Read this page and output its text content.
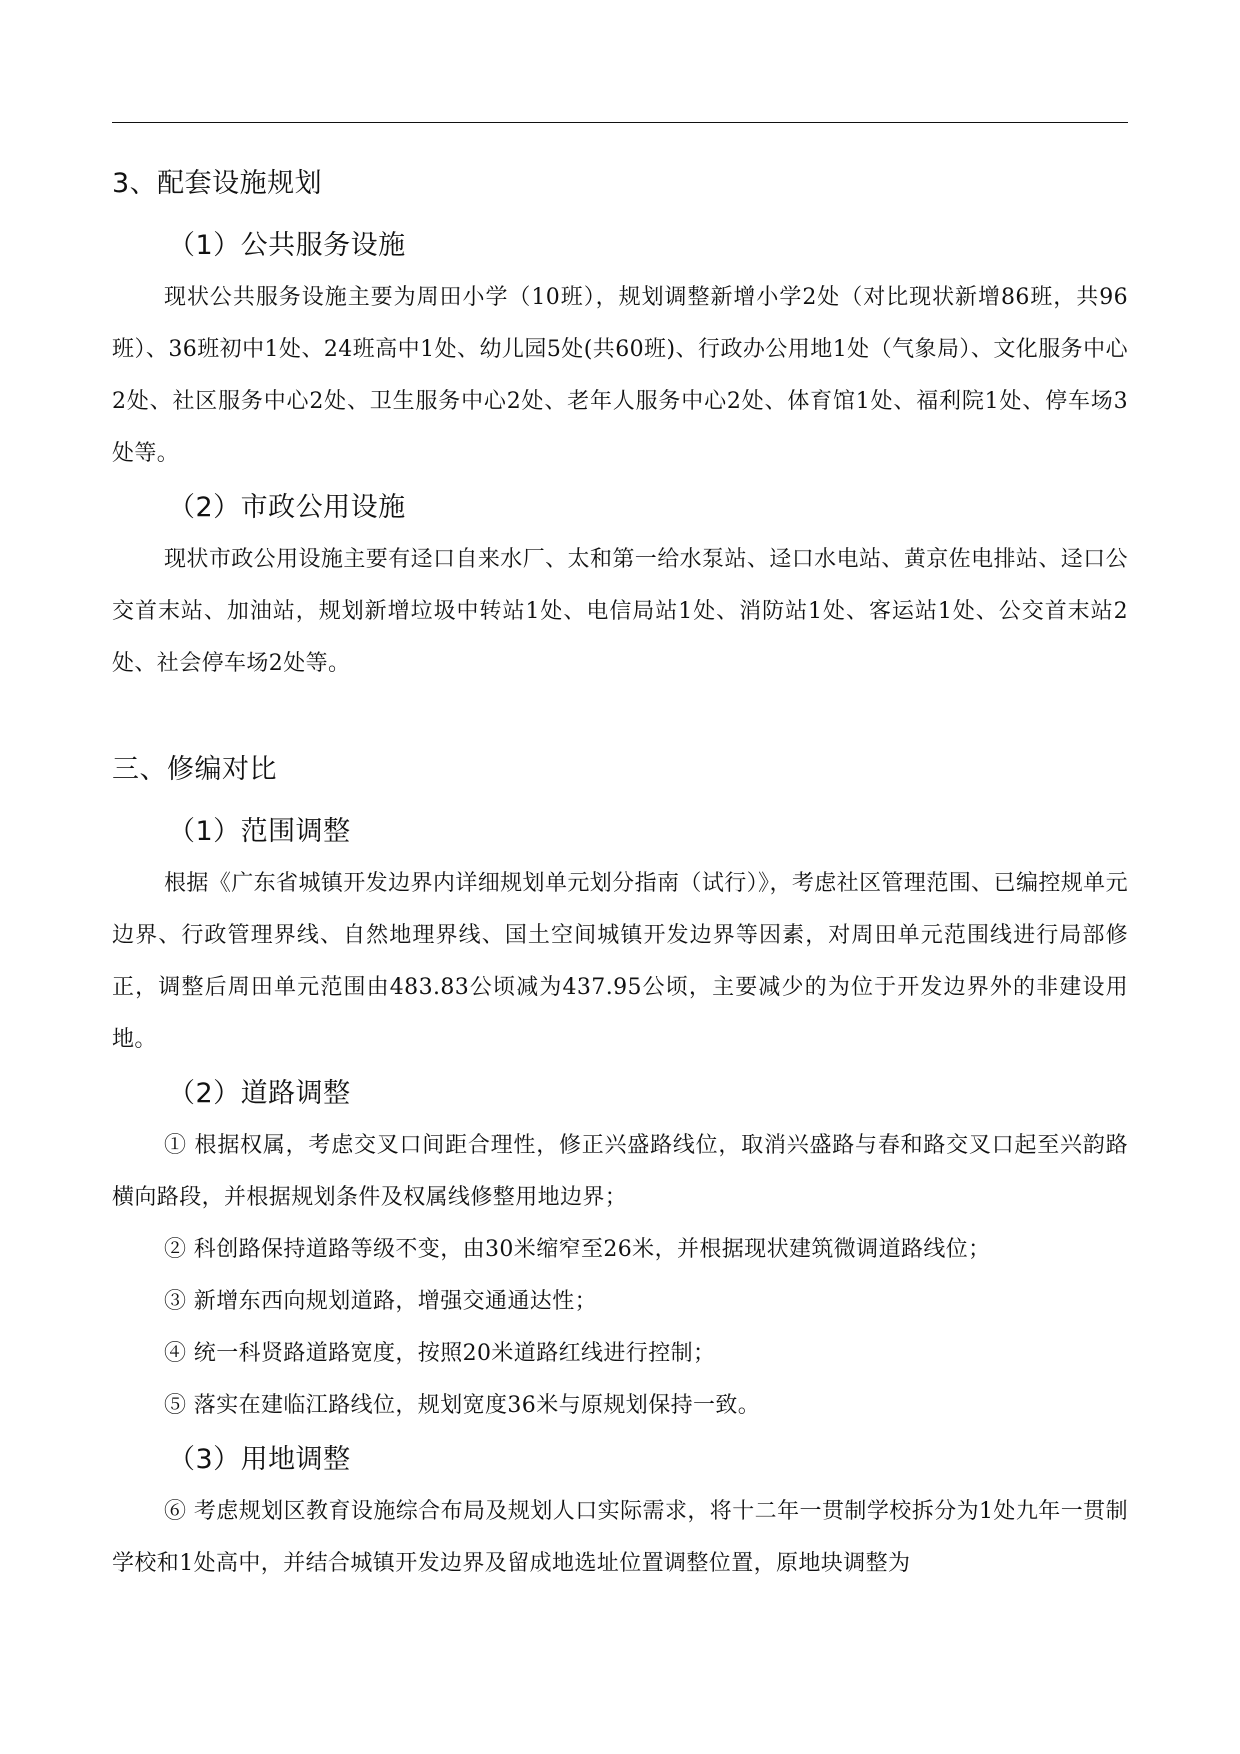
3、配套设施规划
（1）公共服务设施
现状公共服务设施主要为周田小学（10班），规划调整新增小学2处（对比现状新增86班，共96班）、36班初中1处、24班高中1处、幼儿园5处(共60班)、行政办公用地1处（气象局）、文化服务中心2处、社区服务中心2处、卫生服务中心2处、老年人服务中心2处、体育馆1处、福利院1处、停车场3处等。
（2）市政公用设施
现状市政公用设施主要有迳口自来水厂、太和第一给水泵站、迳口水电站、黄京佐电排站、迳口公交首末站、加油站，规划新增垃圾中转站1处、电信局站1处、消防站1处、客运站1处、公交首末站2处、社会停车场2处等。
三、修编对比
（1）范围调整
根据《广东省城镇开发边界内详细规划单元划分指南（试行）》，考虑社区管理范围、已编控规单元边界、行政管理界线、自然地理界线、国土空间城镇开发边界等因素，对周田单元范围线进行局部修正，调整后周田单元范围由483.83公顷减为437.95公顷，主要减少的为位于开发边界外的非建设用地。
（2）道路调整
① 根据权属，考虑交叉口间距合理性，修正兴盛路线位，取消兴盛路与春和路交叉口起至兴韵路横向路段，并根据规划条件及权属线修整用地边界；
② 科创路保持道路等级不变，由30米缩窄至26米，并根据现状建筑微调道路线位；
③ 新增东西向规划道路，增强交通通达性；
④ 统一科贤路道路宽度，按照20米道路红线进行控制；
⑤ 落实在建临江路线位，规划宽度36米与原规划保持一致。
（3）用地调整
⑥ 考虑规划区教育设施综合布局及规划人口实际需求，将十二年一贯制学校拆分为1处九年一贯制学校和1处高中，并结合城镇开发边界及留成地选址位置调整位置，原地块调整为
